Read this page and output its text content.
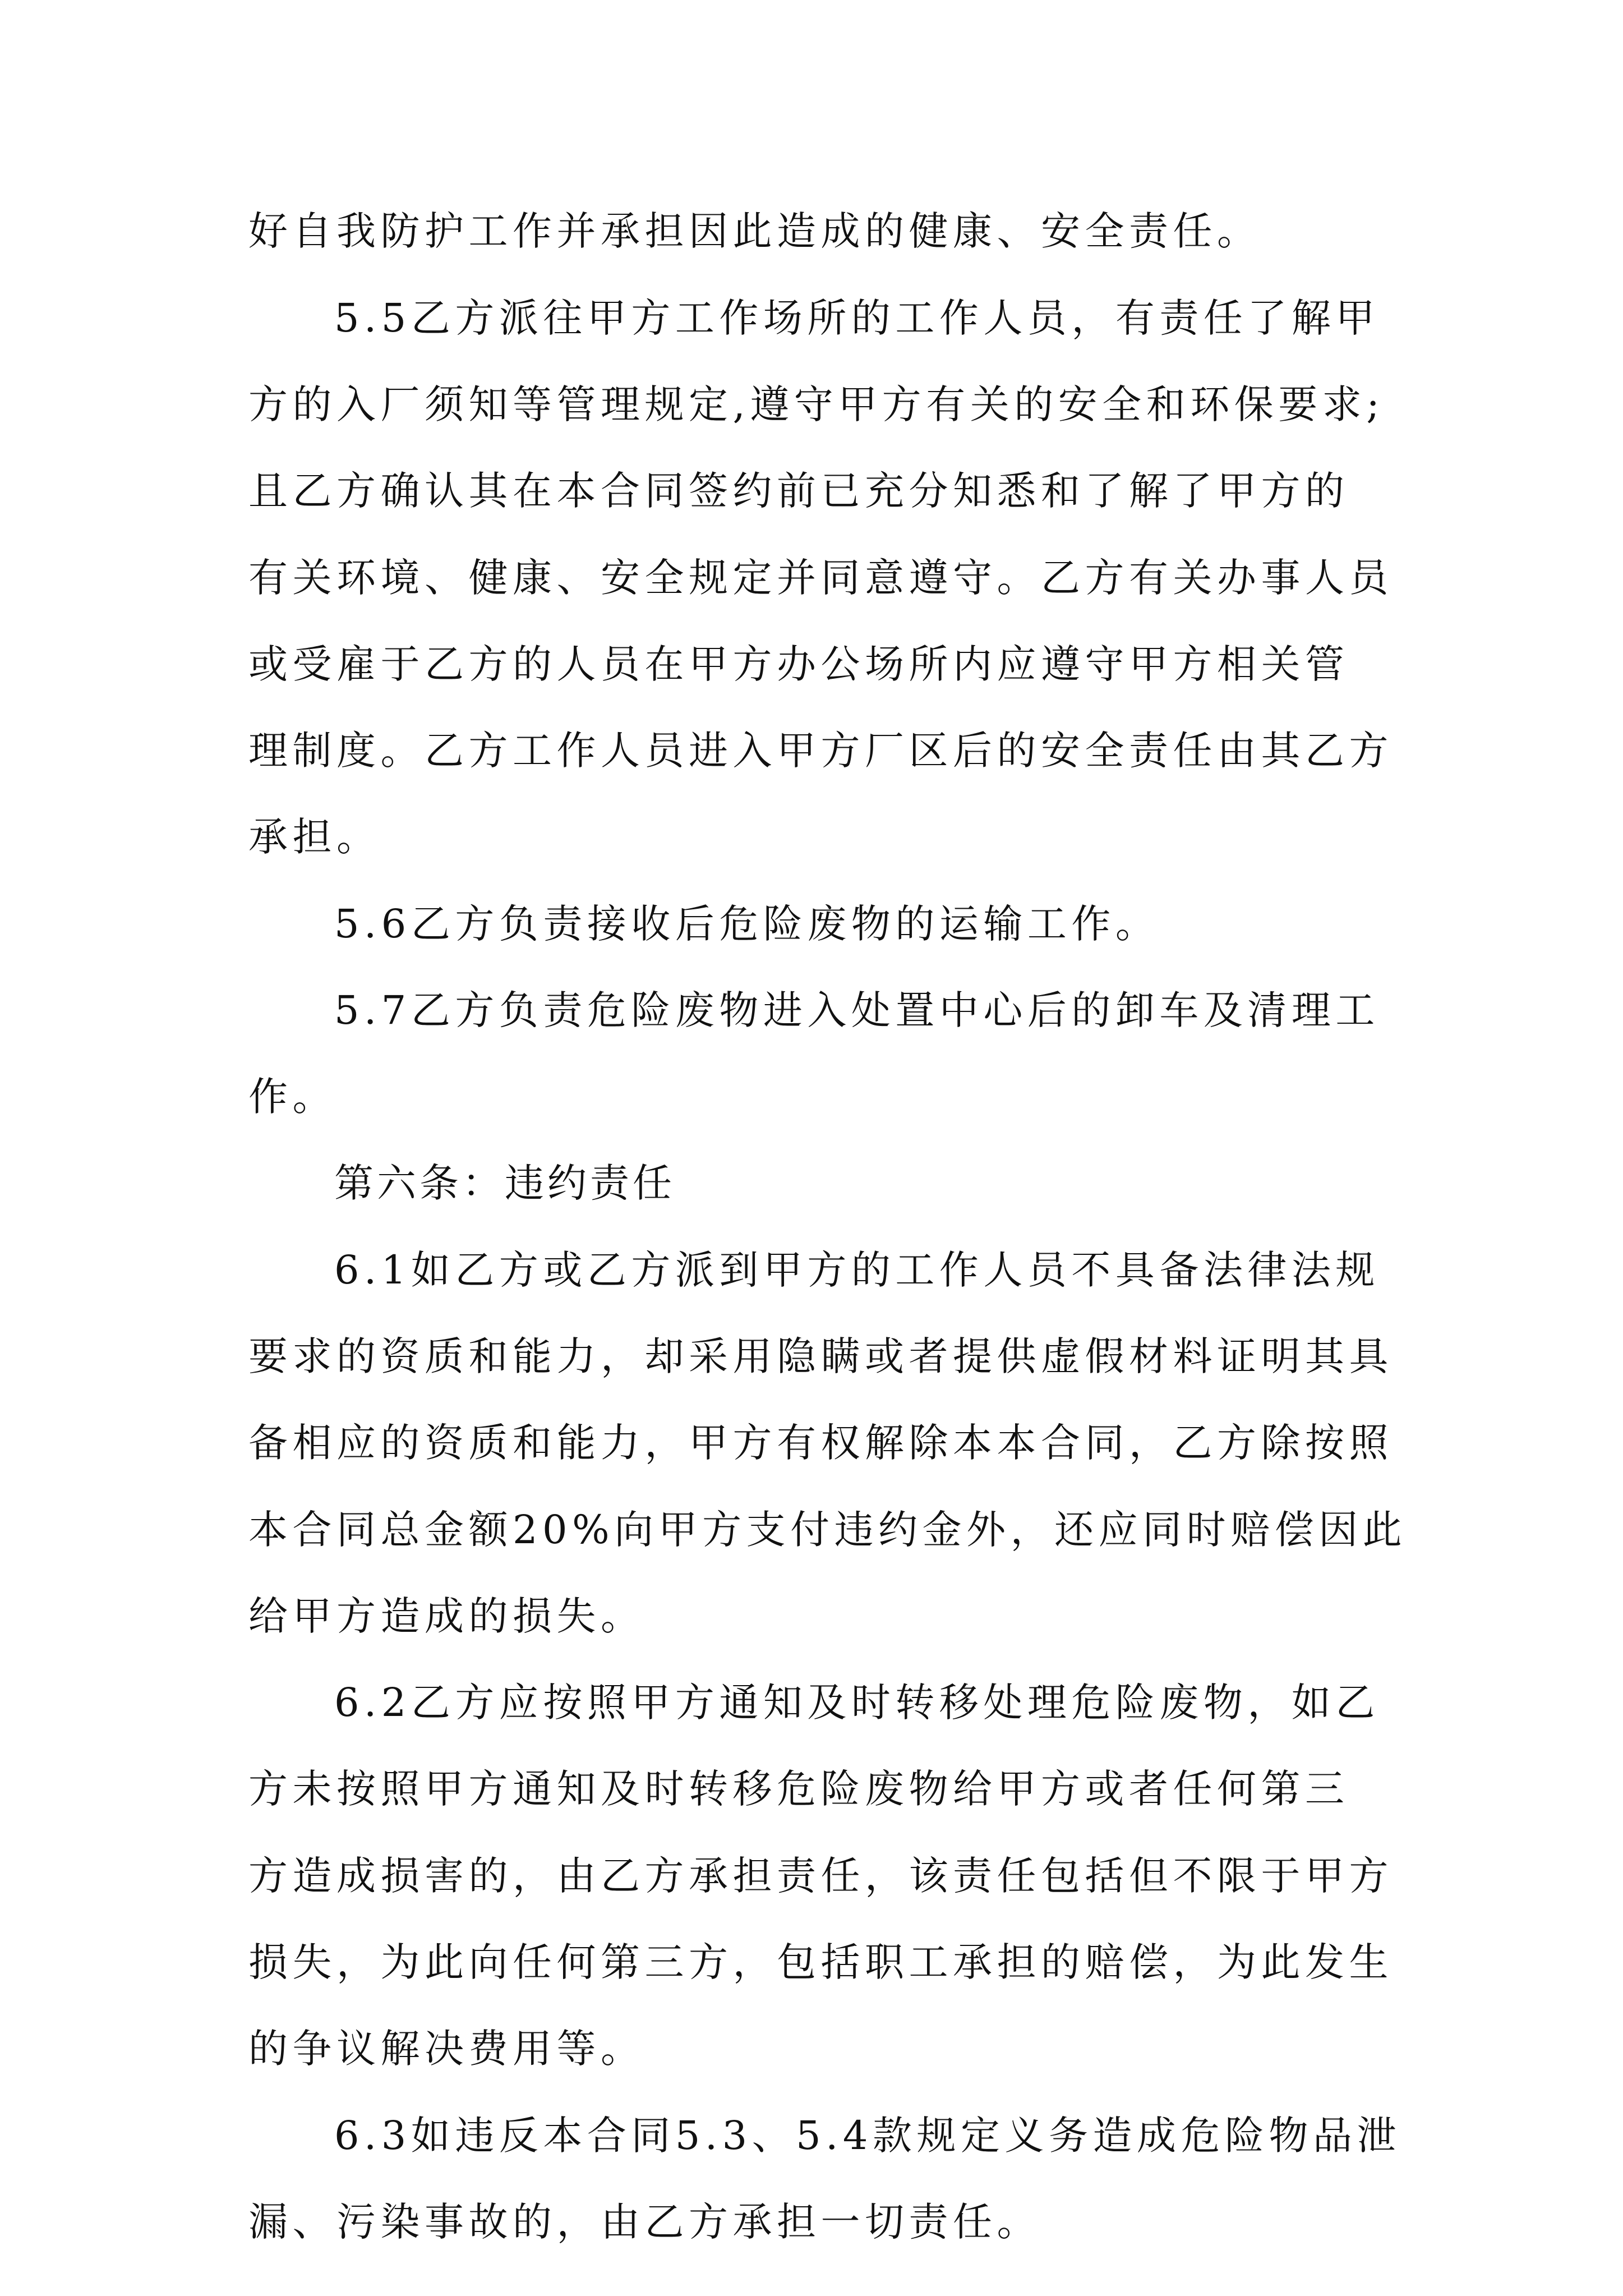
好自我防护工作并承担因此造成的健康、安全责任。
5.5乙方派往甲方工作场所的工作人员，有责任了解甲
方的入厂须知等管理规定,遵守甲方有关的安全和环保要求;
且乙方确认其在本合同签约前已充分知悉和了解了甲方的
有关环境、健康、安全规定并同意遵守。乙方有关办事人员
或受雇于乙方的人员在甲方办公场所内应遵守甲方相关管
理制度。乙方工作人员进入甲方厂区后的安全责任由其乙方
承担。
5.6乙方负责接收后危险废物的运输工作。
5.7乙方负责危险废物进入处置中心后的卸车及清理工
作。
第六条：违约责任
6.1如乙方或乙方派到甲方的工作人员不具备法律法规
要求的资质和能力，却采用隐瞒或者提供虚假材料证明其具
备相应的资质和能力，甲方有权解除本本合同，乙方除按照
本合同总金额20%向甲方支付违约金外，还应同时赔偿因此
给甲方造成的损失。
6.2乙方应按照甲方通知及时转移处理危险废物，如乙
方未按照甲方通知及时转移危险废物给甲方或者任何第三
方造成损害的，由乙方承担责任，该责任包括但不限于甲方
损失，为此向任何第三方，包括职工承担的赔偿，为此发生
的争议解决费用等。
6.3如违反本合同5.3、5.4款规定义务造成危险物品泄
漏、污染事故的，由乙方承担一切责任。
